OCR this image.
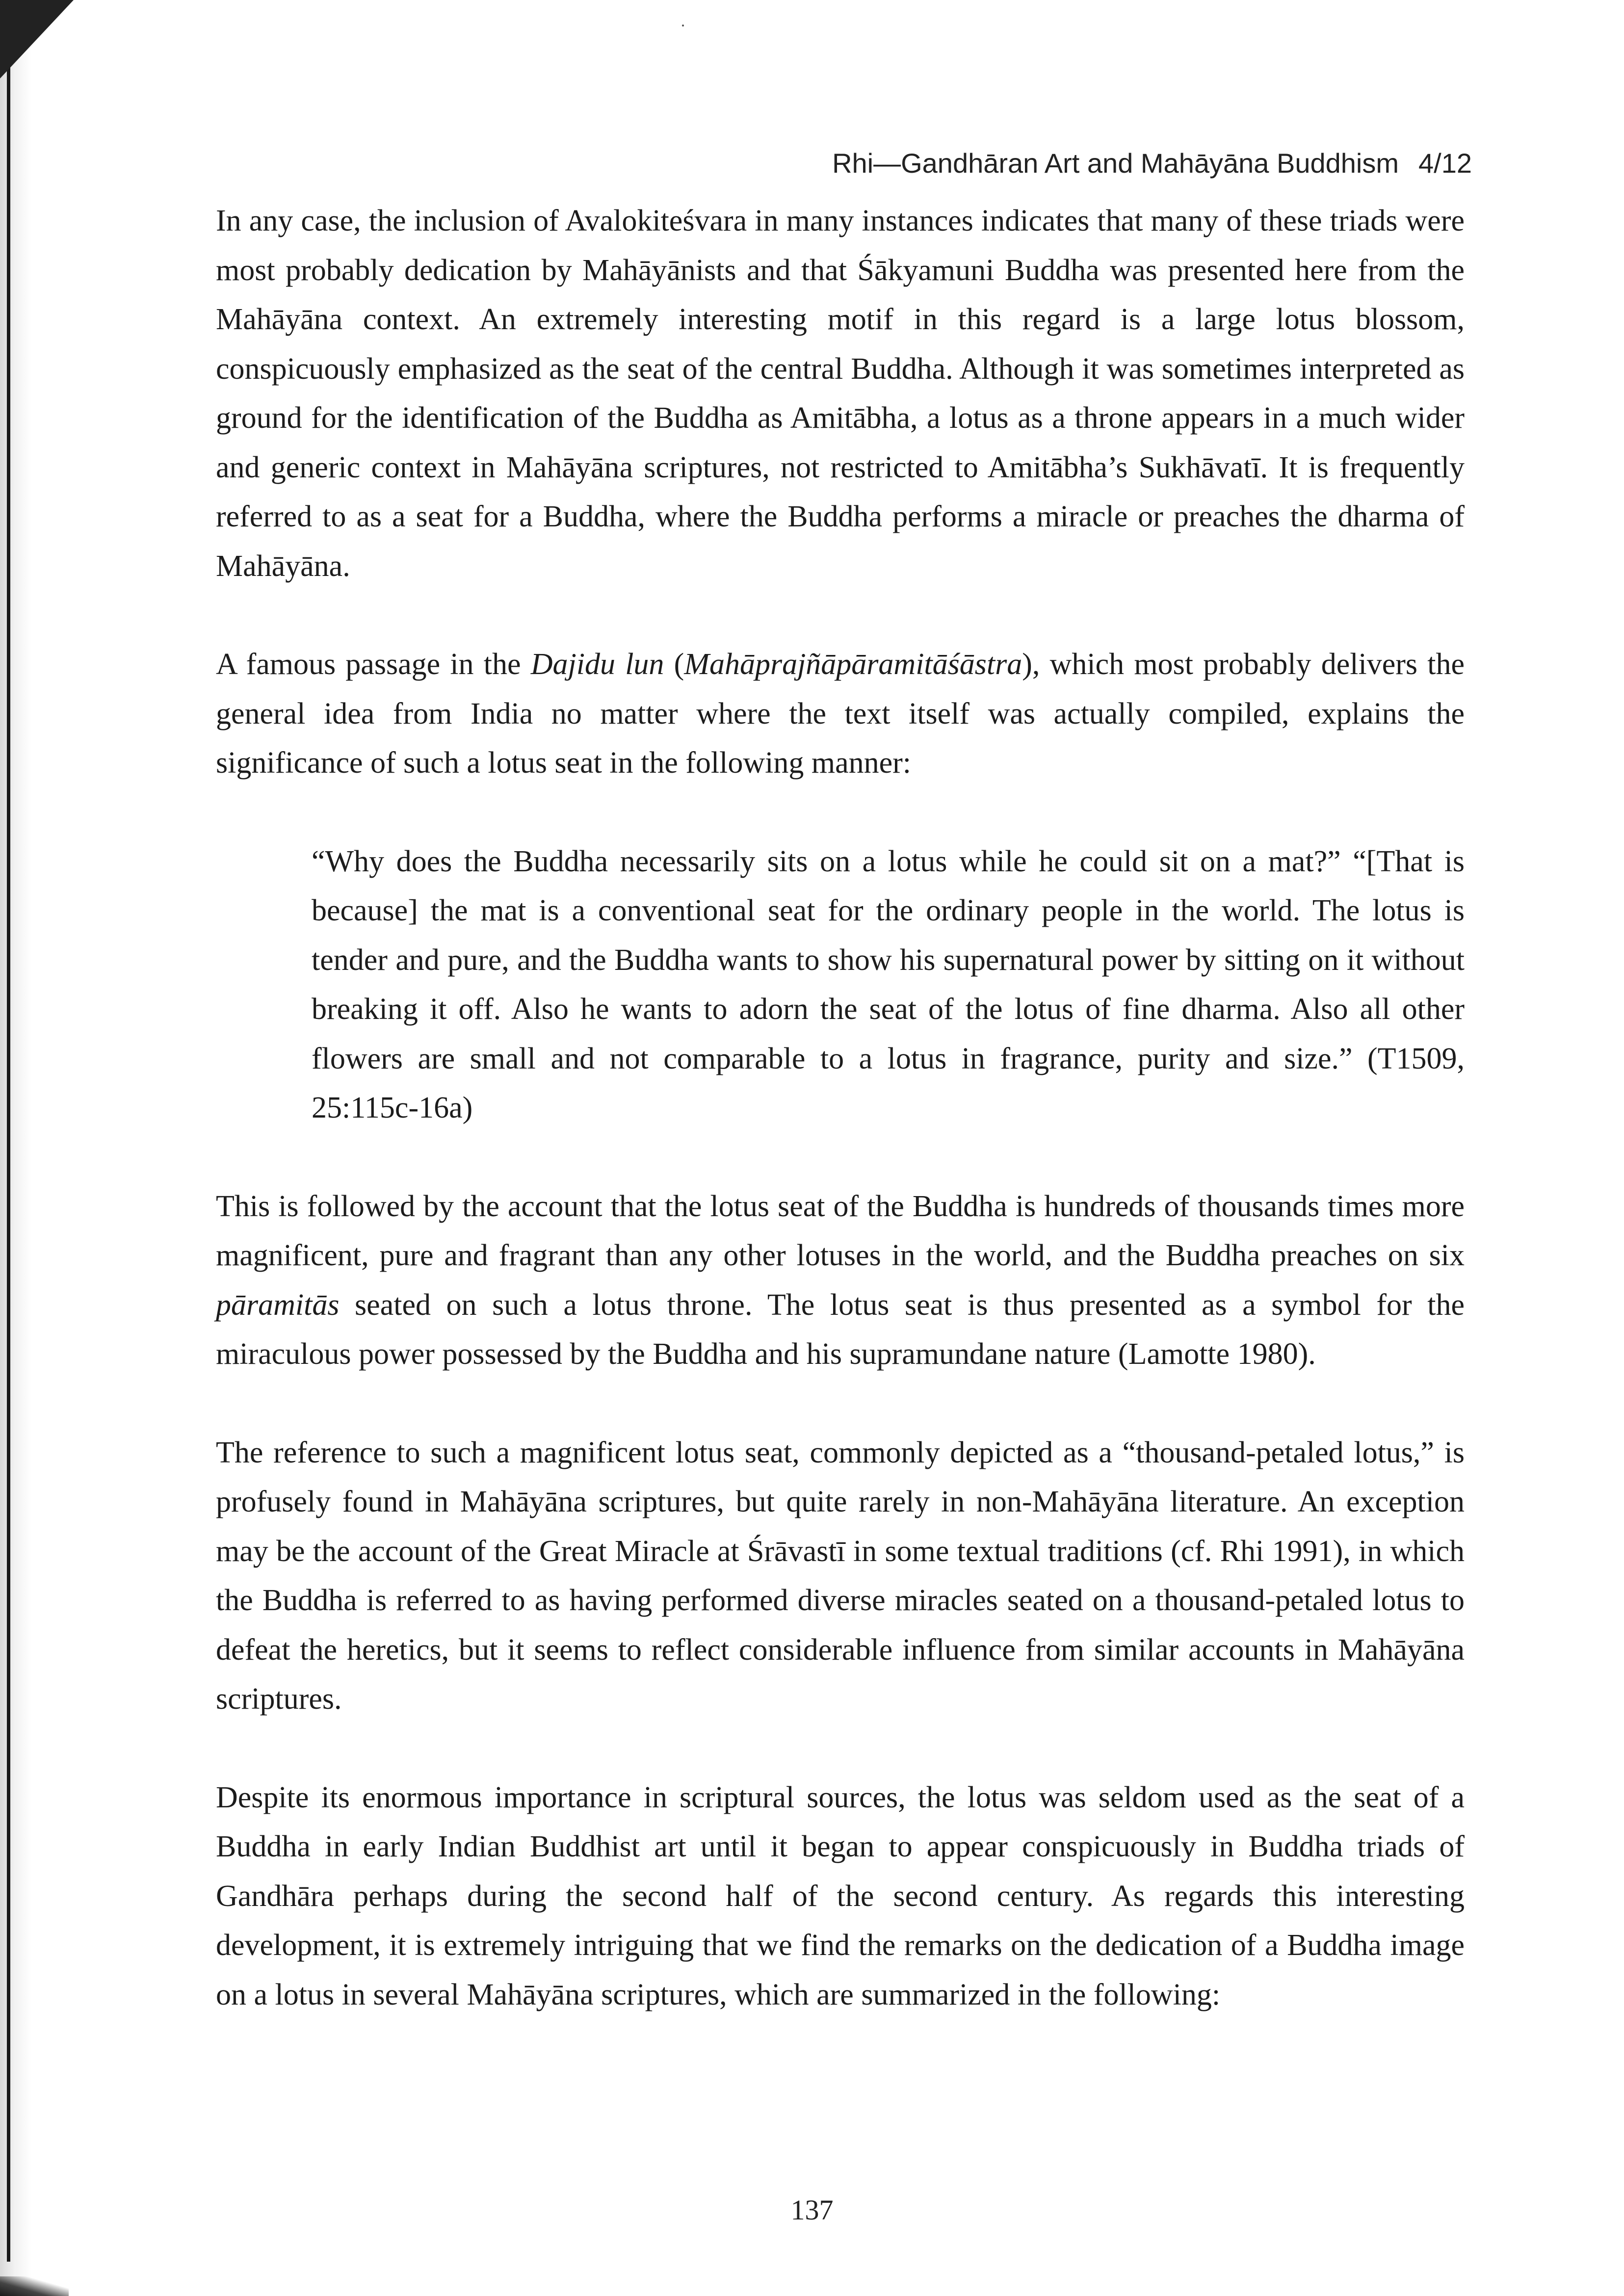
Rhi—Gandhāran Art and Mahāyāna Buddhism 4/12

In any case, the inclusion of Avalokiteśvara in many instances indicates that many of these triads were most probably dedication by Mahāyānists and that Śākyamuni Buddha was presented here from the Mahāyāna context. An extremely interesting motif in this regard is a large lotus blossom, conspicuously emphasized as the seat of the central Buddha. Although it was sometimes interpreted as ground for the identification of the Buddha as Amitābha, a lotus as a throne appears in a much wider and generic context in Mahāyāna scriptures, not restricted to Amitābha’s Sukhāvatī. It is frequently referred to as a seat for a Buddha, where the Buddha performs a miracle or preaches the dharma of Mahāyāna.

A famous passage in the Dajidu lun (Mahāprajñāpāramitāśāstra), which most probably delivers the general idea from India no matter where the text itself was actually compiled, explains the significance of such a lotus seat in the following manner:

“Why does the Buddha necessarily sits on a lotus while he could sit on a mat?” “[That is because] the mat is a conventional seat for the ordinary people in the world. The lotus is tender and pure, and the Buddha wants to show his supernatural power by sitting on it without breaking it off. Also he wants to adorn the seat of the lotus of fine dharma. Also all other flowers are small and not comparable to a lotus in fragrance, purity and size.” (T1509, 25:115c-16a)

This is followed by the account that the lotus seat of the Buddha is hundreds of thousands times more magnificent, pure and fragrant than any other lotuses in the world, and the Buddha preaches on six pāramitās seated on such a lotus throne. The lotus seat is thus presented as a symbol for the miraculous power possessed by the Buddha and his supramundane nature (Lamotte 1980).

The reference to such a magnificent lotus seat, commonly depicted as a “thousand-petaled lotus,” is profusely found in Mahāyāna scriptures, but quite rarely in non-Mahāyāna literature. An exception may be the account of the Great Miracle at Śrāvastī in some textual traditions (cf. Rhi 1991), in which the Buddha is referred to as having performed diverse miracles seated on a thousand-petaled lotus to defeat the heretics, but it seems to reflect considerable influence from similar accounts in Mahāyāna scriptures.

Despite its enormous importance in scriptural sources, the lotus was seldom used as the seat of a Buddha in early Indian Buddhist art until it began to appear conspicuously in Buddha triads of Gandhāra perhaps during the second half of the second century. As regards this interesting development, it is extremely intriguing that we find the remarks on the dedication of a Buddha image on a lotus in several Mahāyāna scriptures, which are summarized in the following:

137
